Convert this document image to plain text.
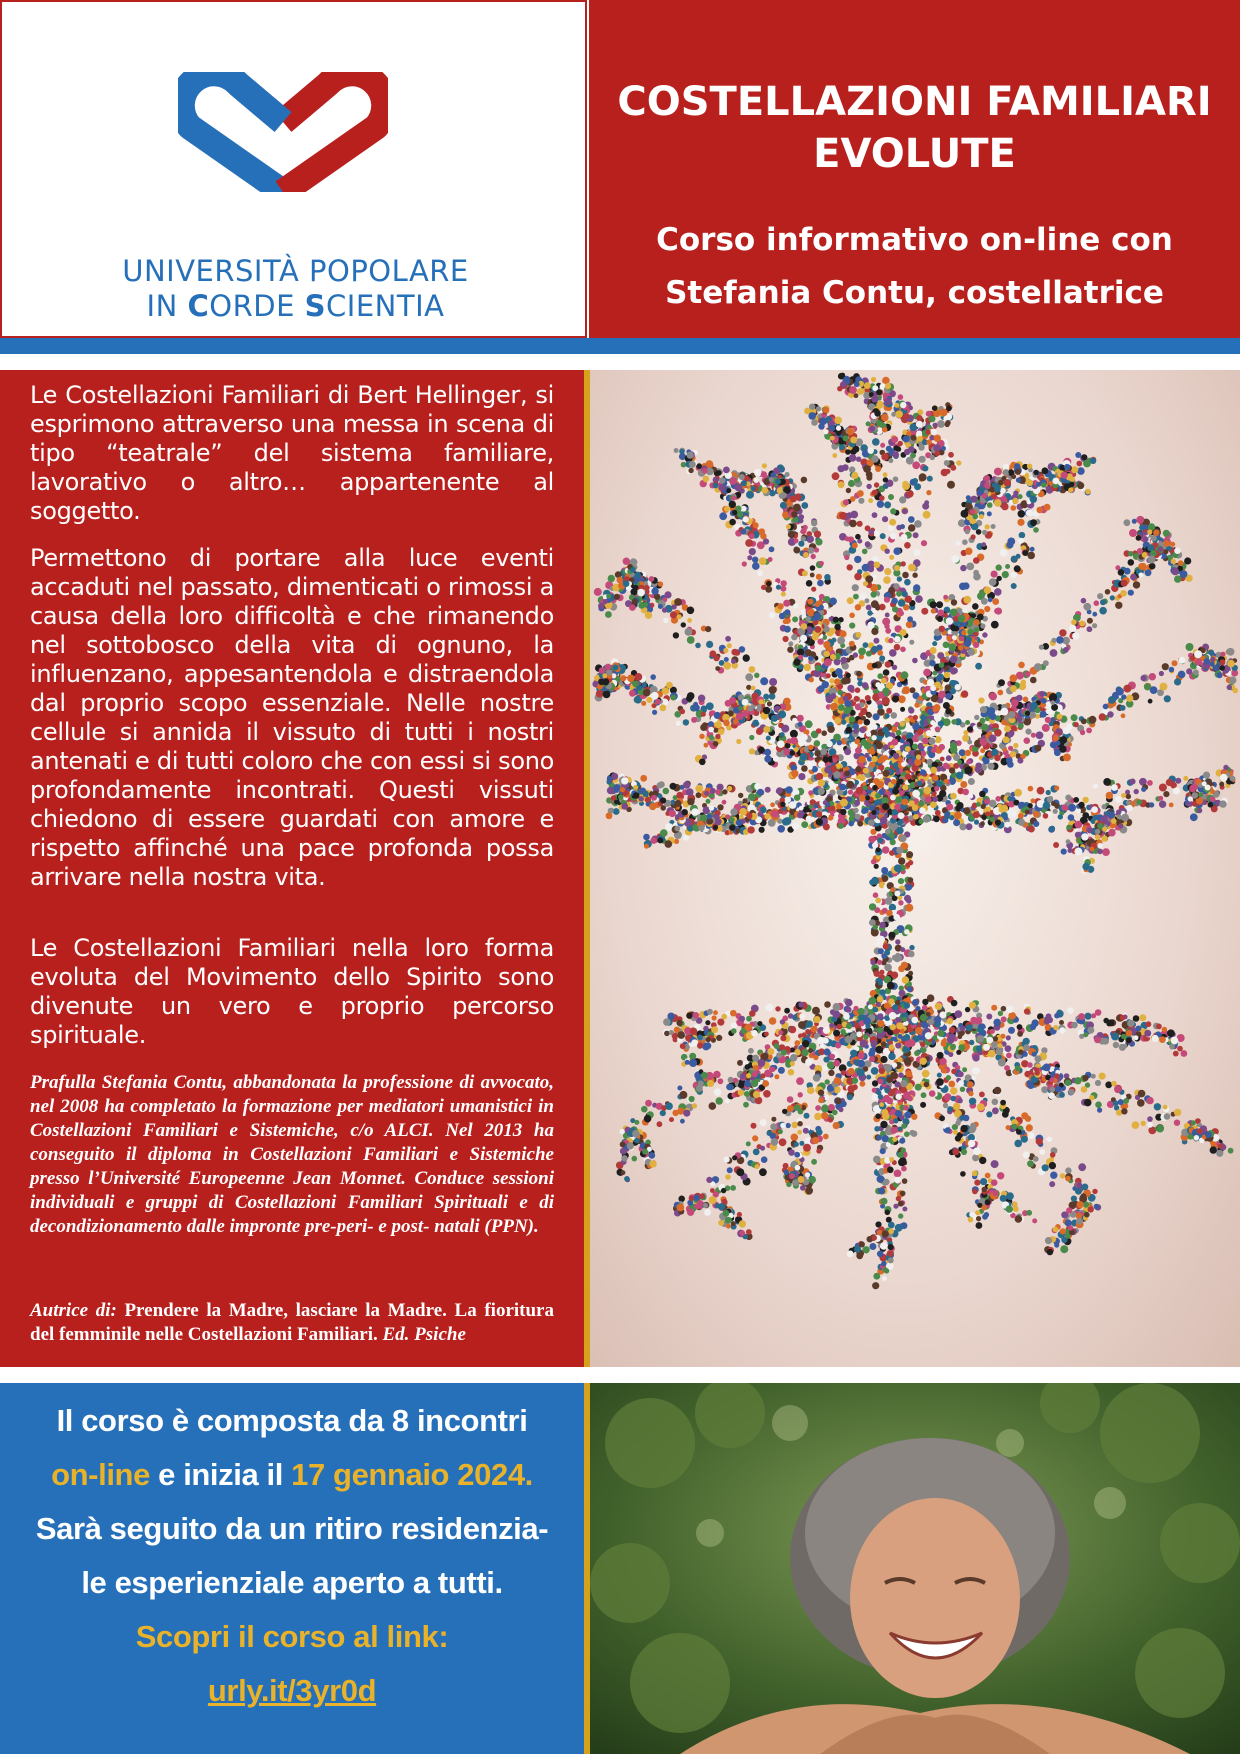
UNIVERSITÀ POPOLARE
IN CORDE SCIENTIA
COSTELLAZIONI FAMILIARI
EVOLUTE
Corso informativo on-line con
Stefania Contu, costellatrice

Le Costellazioni Familiari di Bert Hellinger, si esprimono attraverso una messa in scena di tipo “teatrale” del sistema familiare, lavorativo o altro… appartenente al soggetto.

Permettono di portare alla luce eventi accaduti nel passato, dimenticati o rimossi a causa della loro difficoltà e che rimanendo nel sottobosco della vita di ognuno, la influenzano, appesantendola e distraendola dal proprio scopo essenziale. Nelle nostre cellule si annida il vissuto di tutti i nostri antenati e di tutti coloro che con essi si sono profondamente incontrati. Questi vissuti chiedono di essere guardati con amore e rispetto affinché una pace profonda possa arrivare nella nostra vita.

Le Costellazioni Familiari nella loro forma evoluta del Movimento dello Spirito sono divenute un vero e proprio percorso spirituale.

Prafulla Stefania Contu, abbandonata la professione di avvocato, nel 2008 ha completato la formazione per mediatori umanistici in Costellazioni Familiari e Sistemiche, c/o ALCI. Nel 2013 ha conseguito il diploma in Costellazioni Familiari e Sistemiche presso l’Université Europeenne Jean Monnet. Conduce sessioni individuali e gruppi di Costellazioni Familiari Spirituali e di decondizionamento dalle impronte pre-peri- e post- natali (PPN).

Autrice di: Prendere la Madre, lasciare la Madre. La fioritura del femminile nelle Costellazioni Familiari. Ed. Psiche

Il corso è composta da 8 incontri

on-line e inizia il 17 gennaio 2024.

Sarà seguito da un ritiro residenzia-

le esperienziale aperto a tutti.

Scopri il corso al link:

urly.it/3yr0d
